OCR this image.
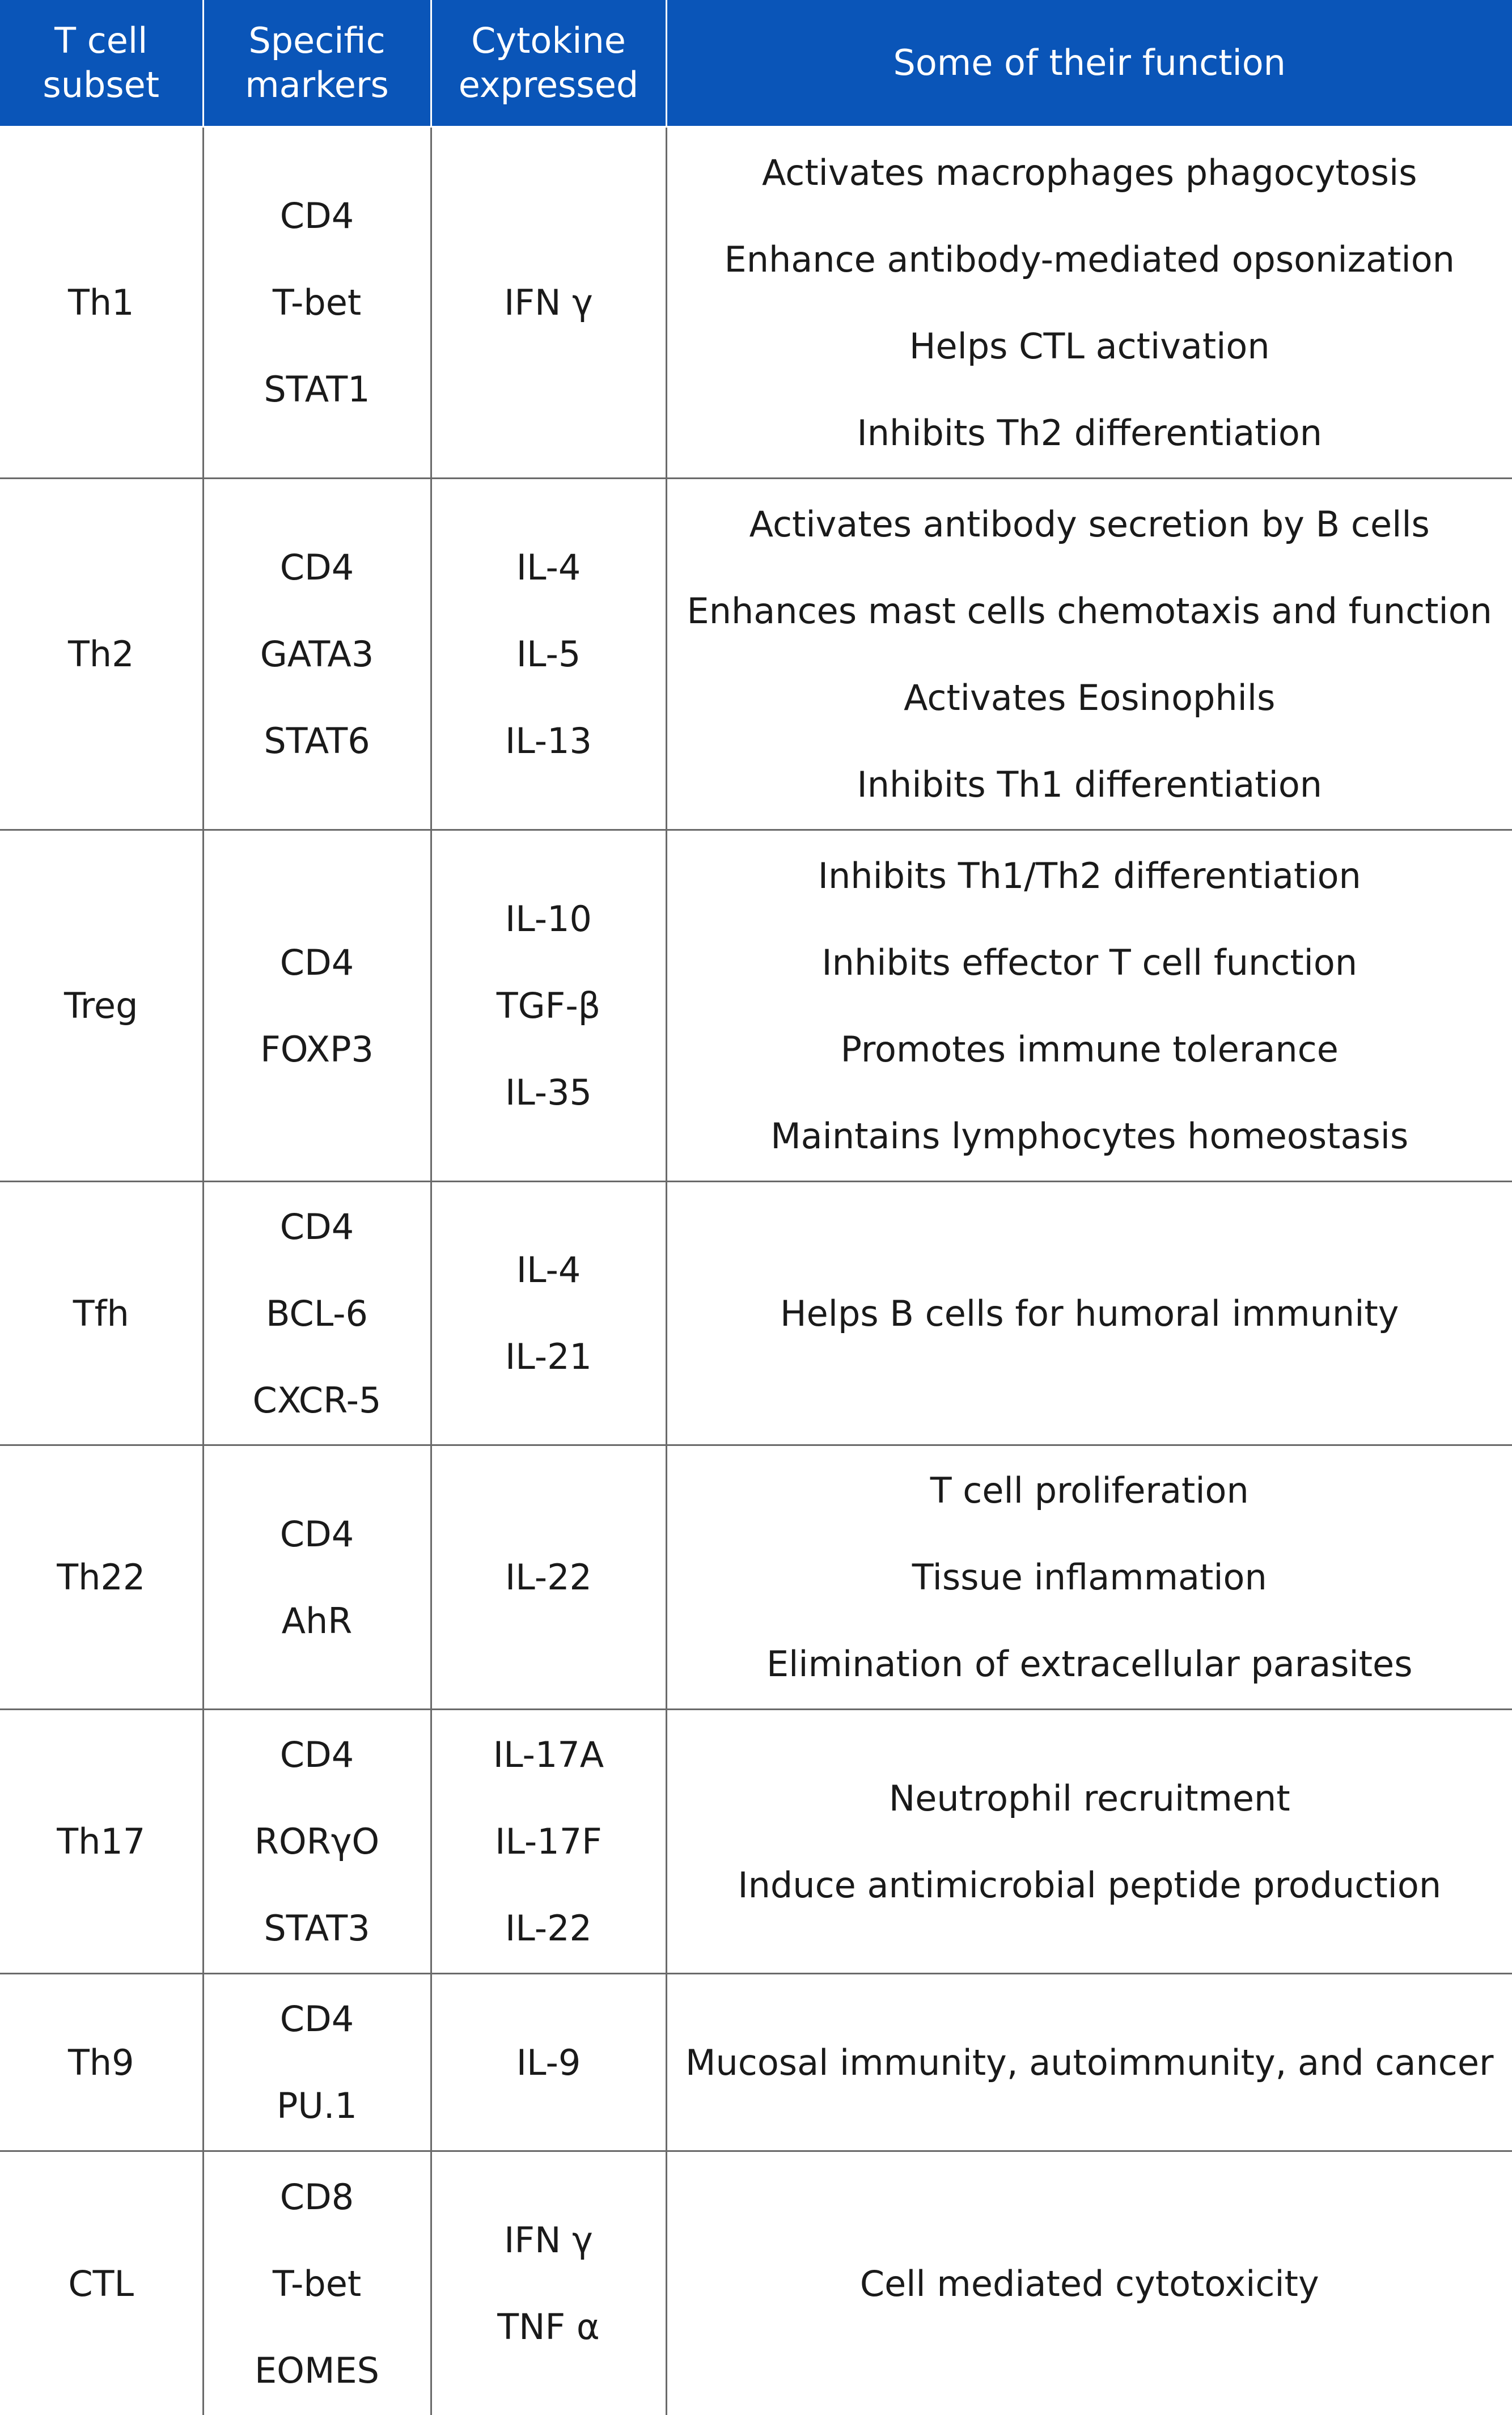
T cell
subset	Specific
markers	Cytokine
expressed	Some of their function

Th1	CD4
T-bet
STAT1	IFN γ	Activates macrophages phagocytosis
Enhance antibody-mediated opsonization
Helps CTL activation
Inhibits Th2 differentiation

Th2	CD4
GATA3
STAT6	IL-4
IL-5
IL-13	Activates antibody secretion by B cells
Enhances mast cells chemotaxis and function
Activates Eosinophils
Inhibits Th1 differentiation

Treg	CD4
FOXP3	IL-10
TGF-β
IL-35	Inhibits Th1/Th2 differentiation
Inhibits effector T cell function
Promotes immune tolerance
Maintains lymphocytes homeostasis

Tfh	CD4
BCL-6
CXCR-5	IL-4
IL-21	Helps B cells for humoral immunity

Th22	CD4
AhR	IL-22	T cell proliferation
Tissue inflammation
Elimination of extracellular parasites

Th17	CD4
RORγO
STAT3	IL-17A
IL-17F
IL-22	Neutrophil recruitment
Induce antimicrobial peptide production

Th9	CD4
PU.1	IL-9	Mucosal immunity, autoimmunity, and cancer

CTL	CD8
T-bet
EOMES	IFN γ
TNF α	Cell mediated cytotoxicity
